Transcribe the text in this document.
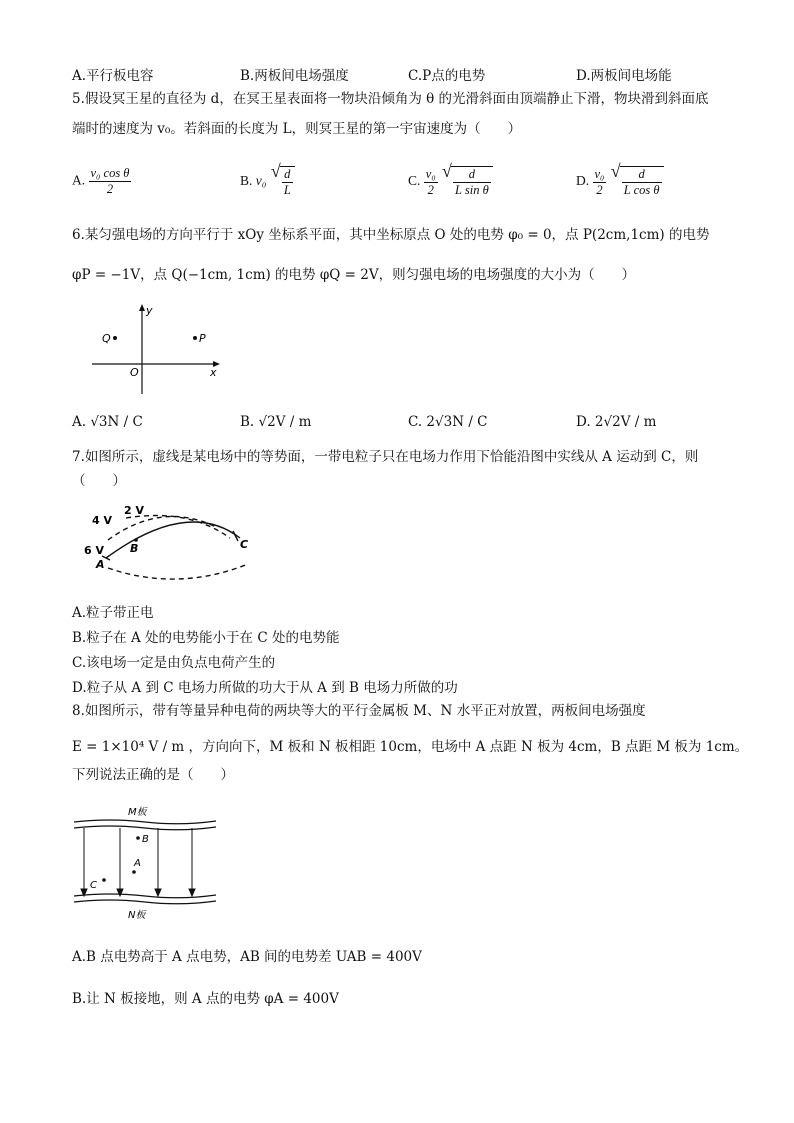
A.平行板电容	B.两板间电场强度	C.P点的电势	D.两板间电场能
5.假设冥王星的直径为 d，在冥王星表面将一物块沿倾角为 θ 的光滑斜面由顶端静止下滑，物块滑到斜面底
端时的速度为 v₀。若斜面的长度为 L，则冥王星的第一宇宙速度为（　　）
A. $\frac{\text{v₀ cos θ}}{2}$	B. v₀ √ $\frac{d}{L}$	C. $\frac{\text{v₀}}{2}$
√ $\frac{d}{\text{L sin θ}}$	D. $\frac{\text{v₀}}{2}$
√ $\frac{d}{\text{L cos θ}}$
6.某匀强电场的方向平行于 xOy 坐标系平面，其中坐标原点 O 处的电势 φ₀ = 0，点 P(2cm,1cm) 的电势
φP = −1V，点 Q(−1cm, 1cm) 的电势 φQ = 2V，则匀强电场的电场强度的大小为（　　）
y
x
O
Q	P
A. √3N / C	B. √2V / m	C. 2√3N / C	D. 2√2V / m
7.如图所示，虚线是某电场中的等势面，一带电粒子只在电场力作用下恰能沿图中实线从 A 运动到 C，则
（　　）
4 V
2 V
6 V
A
B	C
A.粒子带正电
B.粒子在 A 处的电势能小于在 C 处的电势能
C.该电场一定是由负点电荷产生的
D.粒子从 A 到 C 电场力所做的功大于从 A 到 B 电场力所做的功
8.如图所示，带有等量异种电荷的两块等大的平行金属板 M、N 水平正对放置，两板间电场强度
E = 1×10⁴ V / m ，方向向下，M 板和 N 板相距 10cm，电场中 A 点距 N 板为 4cm，B 点距 M 板为 1cm。
下列说法正确的是（　　）
M板
N板
B
A
C
A.B 点电势高于 A 点电势，AB 间的电势差 UAB = 400V
B.让 N 板接地，则 A 点的电势 φA = 400V
